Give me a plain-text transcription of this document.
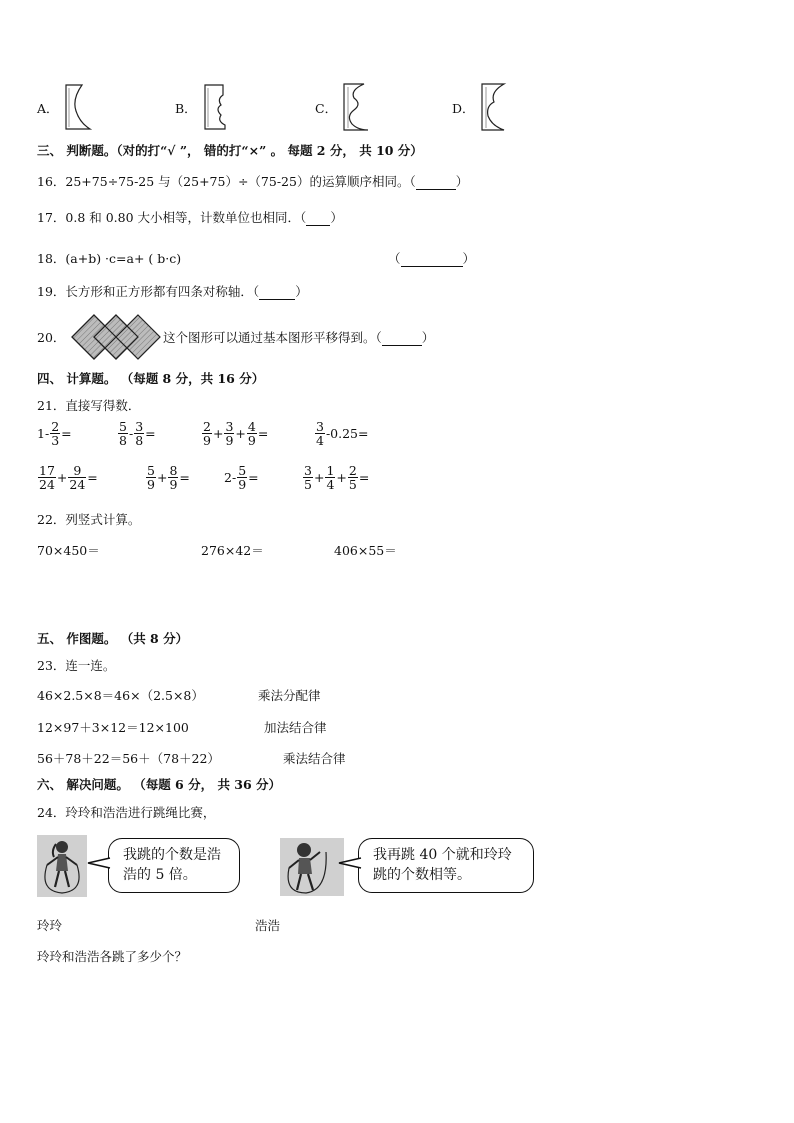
A．	B．	C．	D．
三、 判断题。（对的打“√ ”， 错的打“×” 。 每题 2 分， 共 10 分）
16．25+75÷75-25 与（25+75）÷（75-25）的运算顺序相同。（	）
17．0.8 和 0.80 大小相等，计数单位也相同．（ ）
18．(a+b) ·c=a+ ( b·c)	（	）
19．长方形和正方形都有四条对称轴．（	）
20．	这个图形可以通过基本图形平移得到。（	）
四、 计算题。 （每题 8 分，共 16 分）
21．直接写得数．
$1- \frac{2}{3}$ =	$\frac{5}{8} - \frac{3}{8}$ =	$\frac{2}{9} + \frac{3}{9} + \frac{4}{9}$ =	$\frac{3}{4} -0.25=$
$\frac{17}{24} + \frac{9}{24}$ =	$\frac{5}{9} + \frac{8}{9}$ =	$2- \frac{5}{9}$ =	$\frac{3}{5} + \frac{1}{4} + \frac{2}{5}$ =
22．列竖式计算。
70×450＝	276×42＝	406×55＝
五、 作图题。 （共 8 分）
23．连一连。
46×2.5×8＝46×（2.5×8）
12×97＋3×12＝12×100
56＋78＋22＝56＋（78＋22）
乘法分配律
加法结合律
乘法结合律
六、 解决问题。 （每题 6 分， 共 36 分）
24．玲玲和浩浩进行跳绳比赛，
我跳的个数是浩浩的 5 倍。
我再跳 40 个就和玲玲跳的个数相等。
玲玲	浩浩
玲玲和浩浩各跳了多少个？
